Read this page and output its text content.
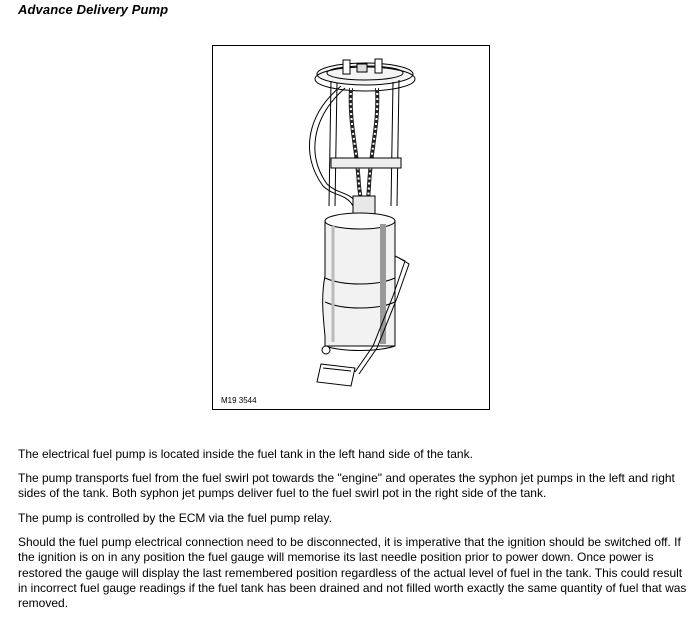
Advance Delivery Pump
M19 3544

The electrical fuel pump is located inside the fuel tank in the left hand side of the tank.

The pump transports fuel from the fuel swirl pot towards the "engine" and operates the syphon jet pumps in the left and right sides of the tank. Both syphon jet pumps deliver fuel to the fuel swirl pot in the right side of the tank.

The pump is controlled by the ECM via the fuel pump relay.

Should the fuel pump electrical connection need to be disconnected, it is imperative that the ignition should be switched off. If the ignition is on in any position the fuel gauge will memorise its last needle position prior to power down. Once power is restored the gauge will display the last remembered position regardless of the actual level of fuel in the tank. This could result in incorrect fuel gauge readings if the fuel tank has been drained and not filled worth exactly the same quantity of fuel that was removed.
